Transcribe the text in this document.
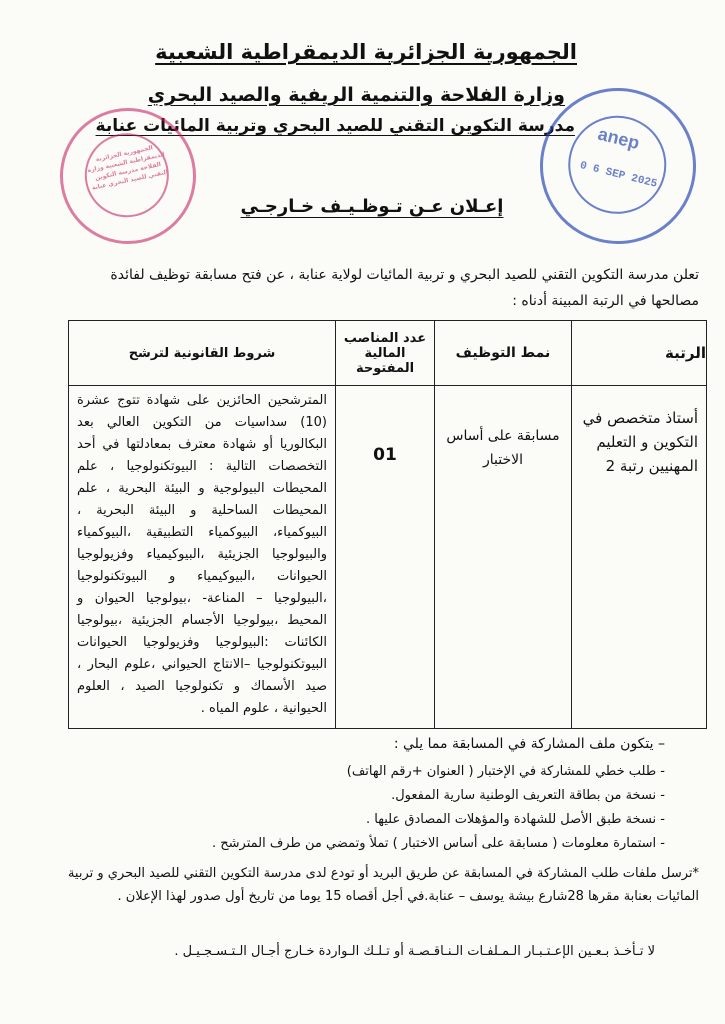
الجمهورية الجزائرية الديمقراطية الشعبية
وزارة الفلاحة والتنمية الريفية والصيد البحري
مدرسة التكوين التقني للصيد البحري وتربية المائيات عنابة
الجمهورية الجزائرية الديمقراطية الشعبية وزارة الفلاحة مدرسة التكوين التقني للصيد البحري عنابة
anep
0 6 SEP 2025
إعـلان عـن تـوظـيـف خـارجـي
تعلن مدرسة التكوين التقني للصيد البحري و تربية المائيات لولاية عنابة ، عن فتح مسابقة توظيف لفائدة مصالحها في الرتبة المبينة أدناه :
الرتبة	نمط التوظيف	عدد المناصب المالية المفتوحة	شروط القانونية لترشح
أستاذ متخصص في التكوين و التعليم المهنيين رتبة 2	مسابقة على أساس الاختبار	01	المترشحين الحائزين على شهادة تتوج عشرة (10) سداسيات من التكوين العالي بعد البكالوريا أو شهادة معترف بمعادلتها في أحد التخصصات التالية : البيوتكنولوجيا ، علم المحيطات البيولوجية و البيئة البحرية ، علم المحيطات الساحلية و البيئة البحرية ، البيوكمياء، البيوكمياء التطبيقية ،البيوكمياء والبيولوجيا الجزيئية ،البيوكيمياء وفزيولوجيا الحيوانات ،البيوكيمياء و البيوتكنولوجيا ،البيولوجيا – المناعة- ،بيولوجيا الحيوان و المحيط ،بيولوجيا الأجسام الجزيئية ،بيولوجيا الكائنات :البيولوجيا وفزيولوجيا الحيوانات البيوتكنولوجيا –الانتاج الحيواني ،علوم البحار ، صيد الأسماك و تكنولوجيا الصيد ، العلوم الحيوانية ، علوم المياه .
– يتكون ملف المشاركة في المسابقة مما يلي :
- طلب خطي للمشاركة في الإختبار ( العنوان +رقم الهاتف)
- نسخة من بطاقة التعريف الوطنية سارية المفعول.
- نسخة طبق الأصل للشهادة والمؤهلات المصادق عليها .
- استمارة معلومات ( مسابقة على أساس الاختبار ) تملأ وتمضي من طرف المترشح .
*ترسل ملفات طلب المشاركة في المسابقة عن طريق البريد أو تودع لدى مدرسة التكوين التقني للصيد البحري و تربية المائيات بعنابة مقرها 28شارع بيشة يوسف – عنابة.في أجل أقصاه 15 يوما من تاريخ أول صدور لهذا الإعلان .
لا تـأخـذ بـعـين الإعـتـبـار الـمـلفـات الـنـاقـصـة أو تـلـك الـواردة خـارج أجـال الـتـسـجـيـل .
